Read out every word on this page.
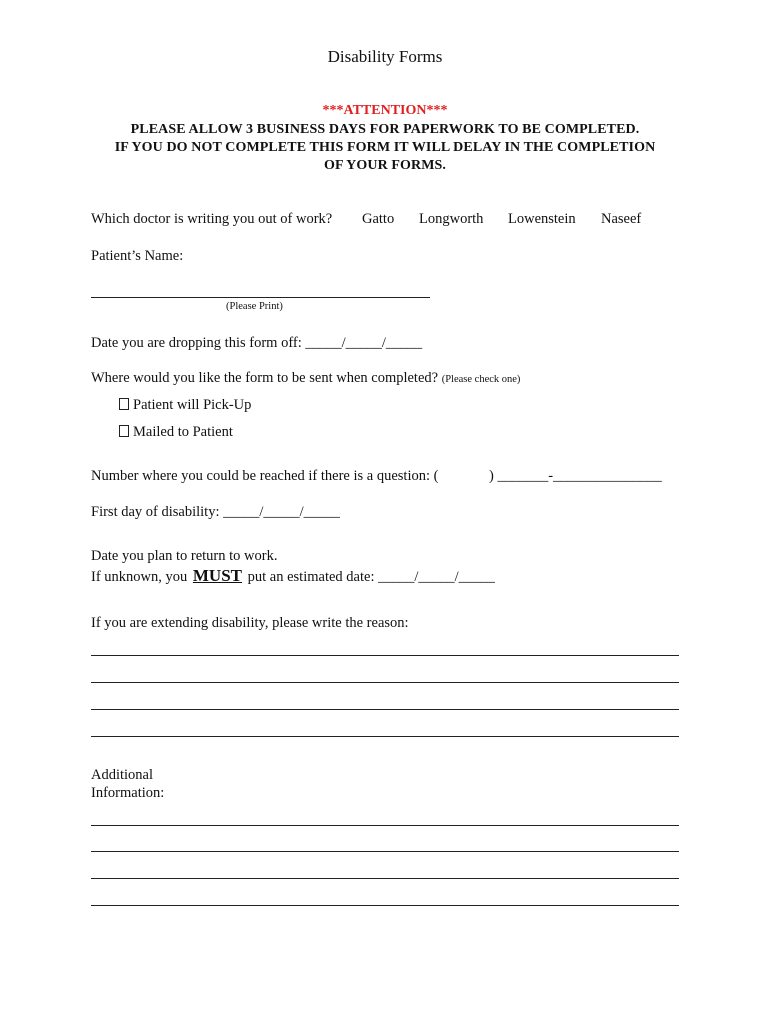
Disability Forms
***ATTENTION***
PLEASE ALLOW 3 BUSINESS DAYS FOR PAPERWORK TO BE COMPLETED.
IF YOU DO NOT COMPLETE THIS FORM IT WILL DELAY IN THE COMPLETION
OF YOUR FORMS.
Which doctor is writing you out of work? Gatto Longworth Lowenstein Naseef
Patient’s Name:
(Please Print)
Date you are dropping this form off: _____/_____/_____
Where would you like the form to be sent when completed? (Please check one)
Patient will Pick-Up
Mailed to Patient
Number where you could be reached if there is a question: (	) _______-_______________
First day of disability: _____/_____/_____
Date you plan to return to work.
If unknown, you MUST put an estimated date: _____/_____/_____
If you are extending disability, please write the reason:
Additional
Information:
